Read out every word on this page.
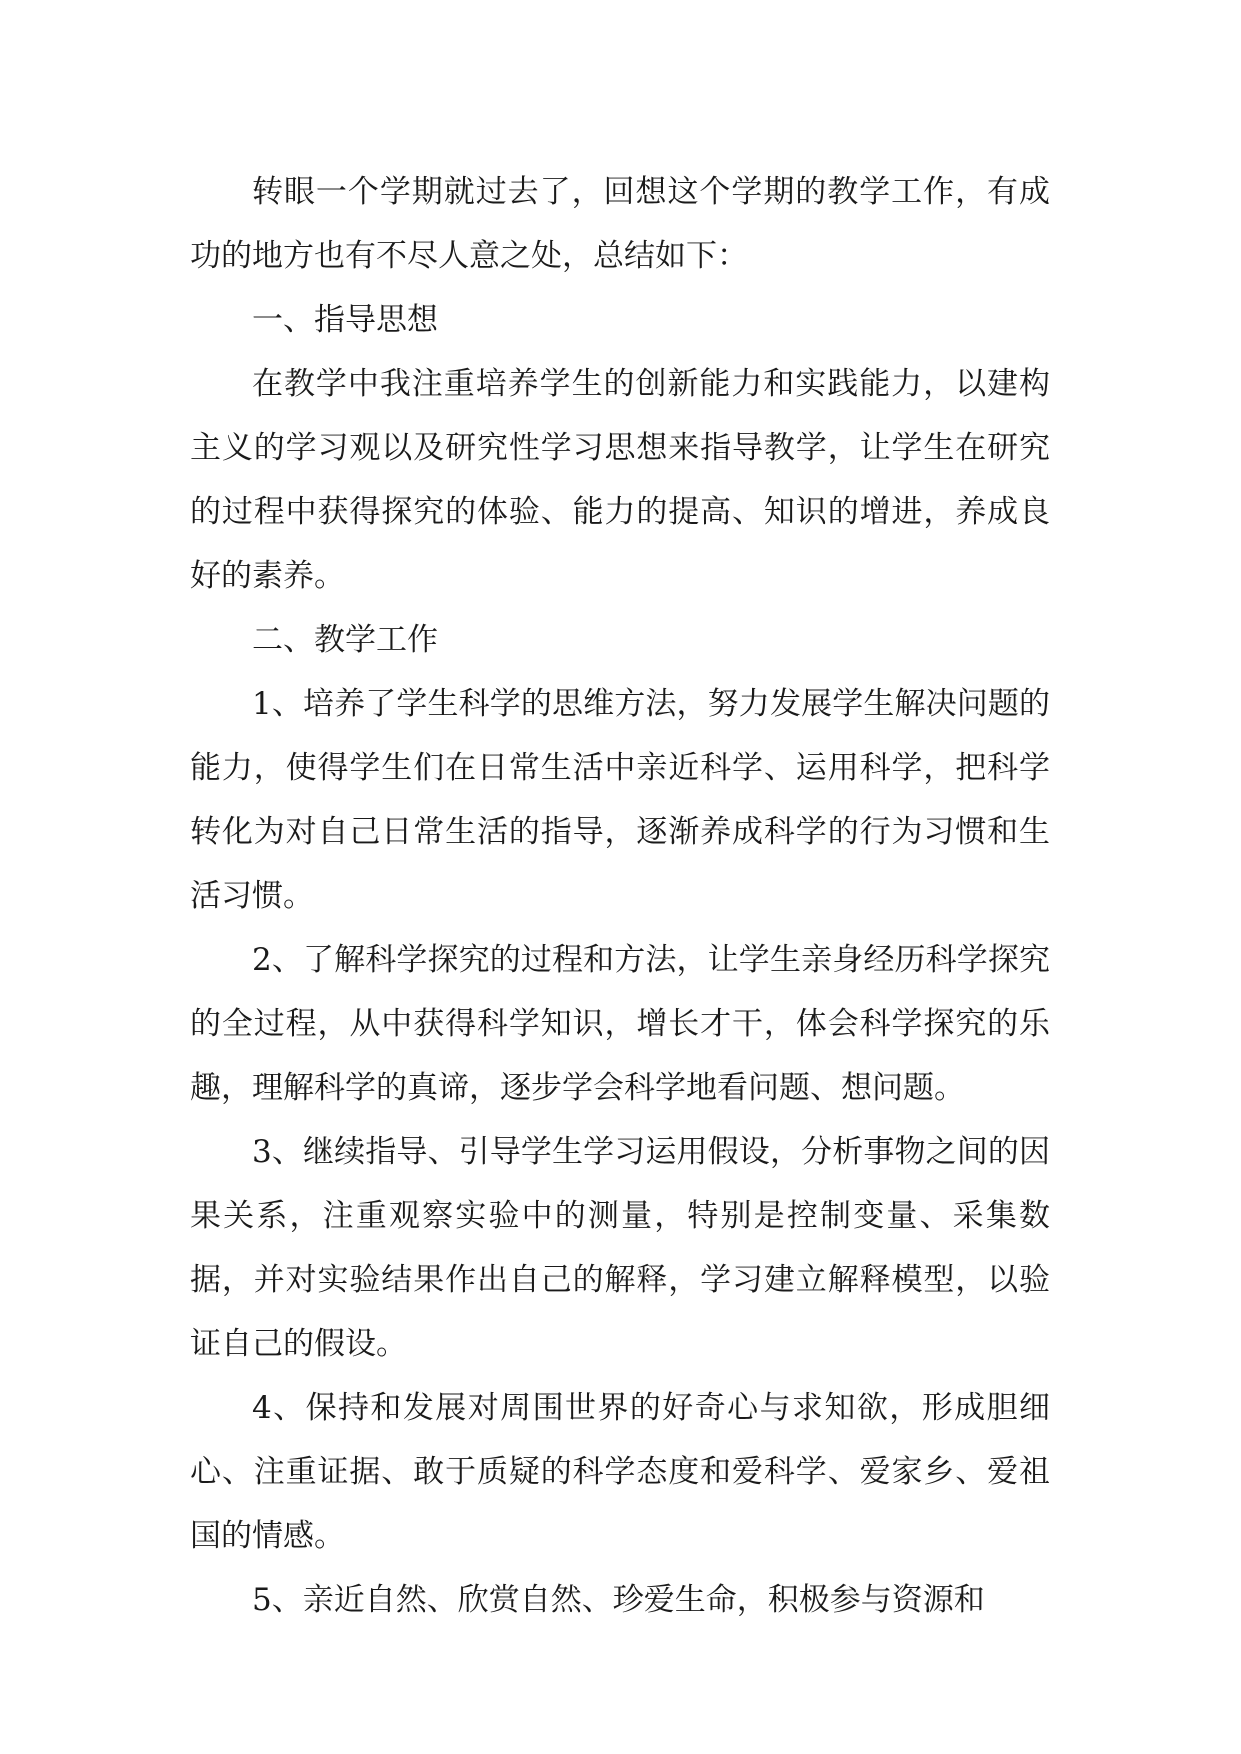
转眼一个学期就过去了，回想这个学期的教学工作，有成功的地方也有不尽人意之处，总结如下：

一、指导思想

在教学中我注重培养学生的创新能力和实践能力，以建构主义的学习观以及研究性学习思想来指导教学，让学生在研究的过程中获得探究的体验、能力的提高、知识的增进，养成良好的素养。

二、教学工作

1、培养了学生科学的思维方法，努力发展学生解决问题的能力，使得学生们在日常生活中亲近科学、运用科学，把科学转化为对自己日常生活的指导，逐渐养成科学的行为习惯和生活习惯。

2、了解科学探究的过程和方法，让学生亲身经历科学探究的全过程，从中获得科学知识，增长才干，体会科学探究的乐趣，理解科学的真谛，逐步学会科学地看问题、想问题。

3、继续指导、引导学生学习运用假设，分析事物之间的因果关系，注重观察实验中的测量，特别是控制变量、采集数据，并对实验结果作出自己的解释，学习建立解释模型，以验证自己的假设。

4、保持和发展对周围世界的好奇心与求知欲，形成胆细心、注重证据、敢于质疑的科学态度和爱科学、爱家乡、爱祖国的情感。

5、亲近自然、欣赏自然、珍爱生命，积极参与资源和
